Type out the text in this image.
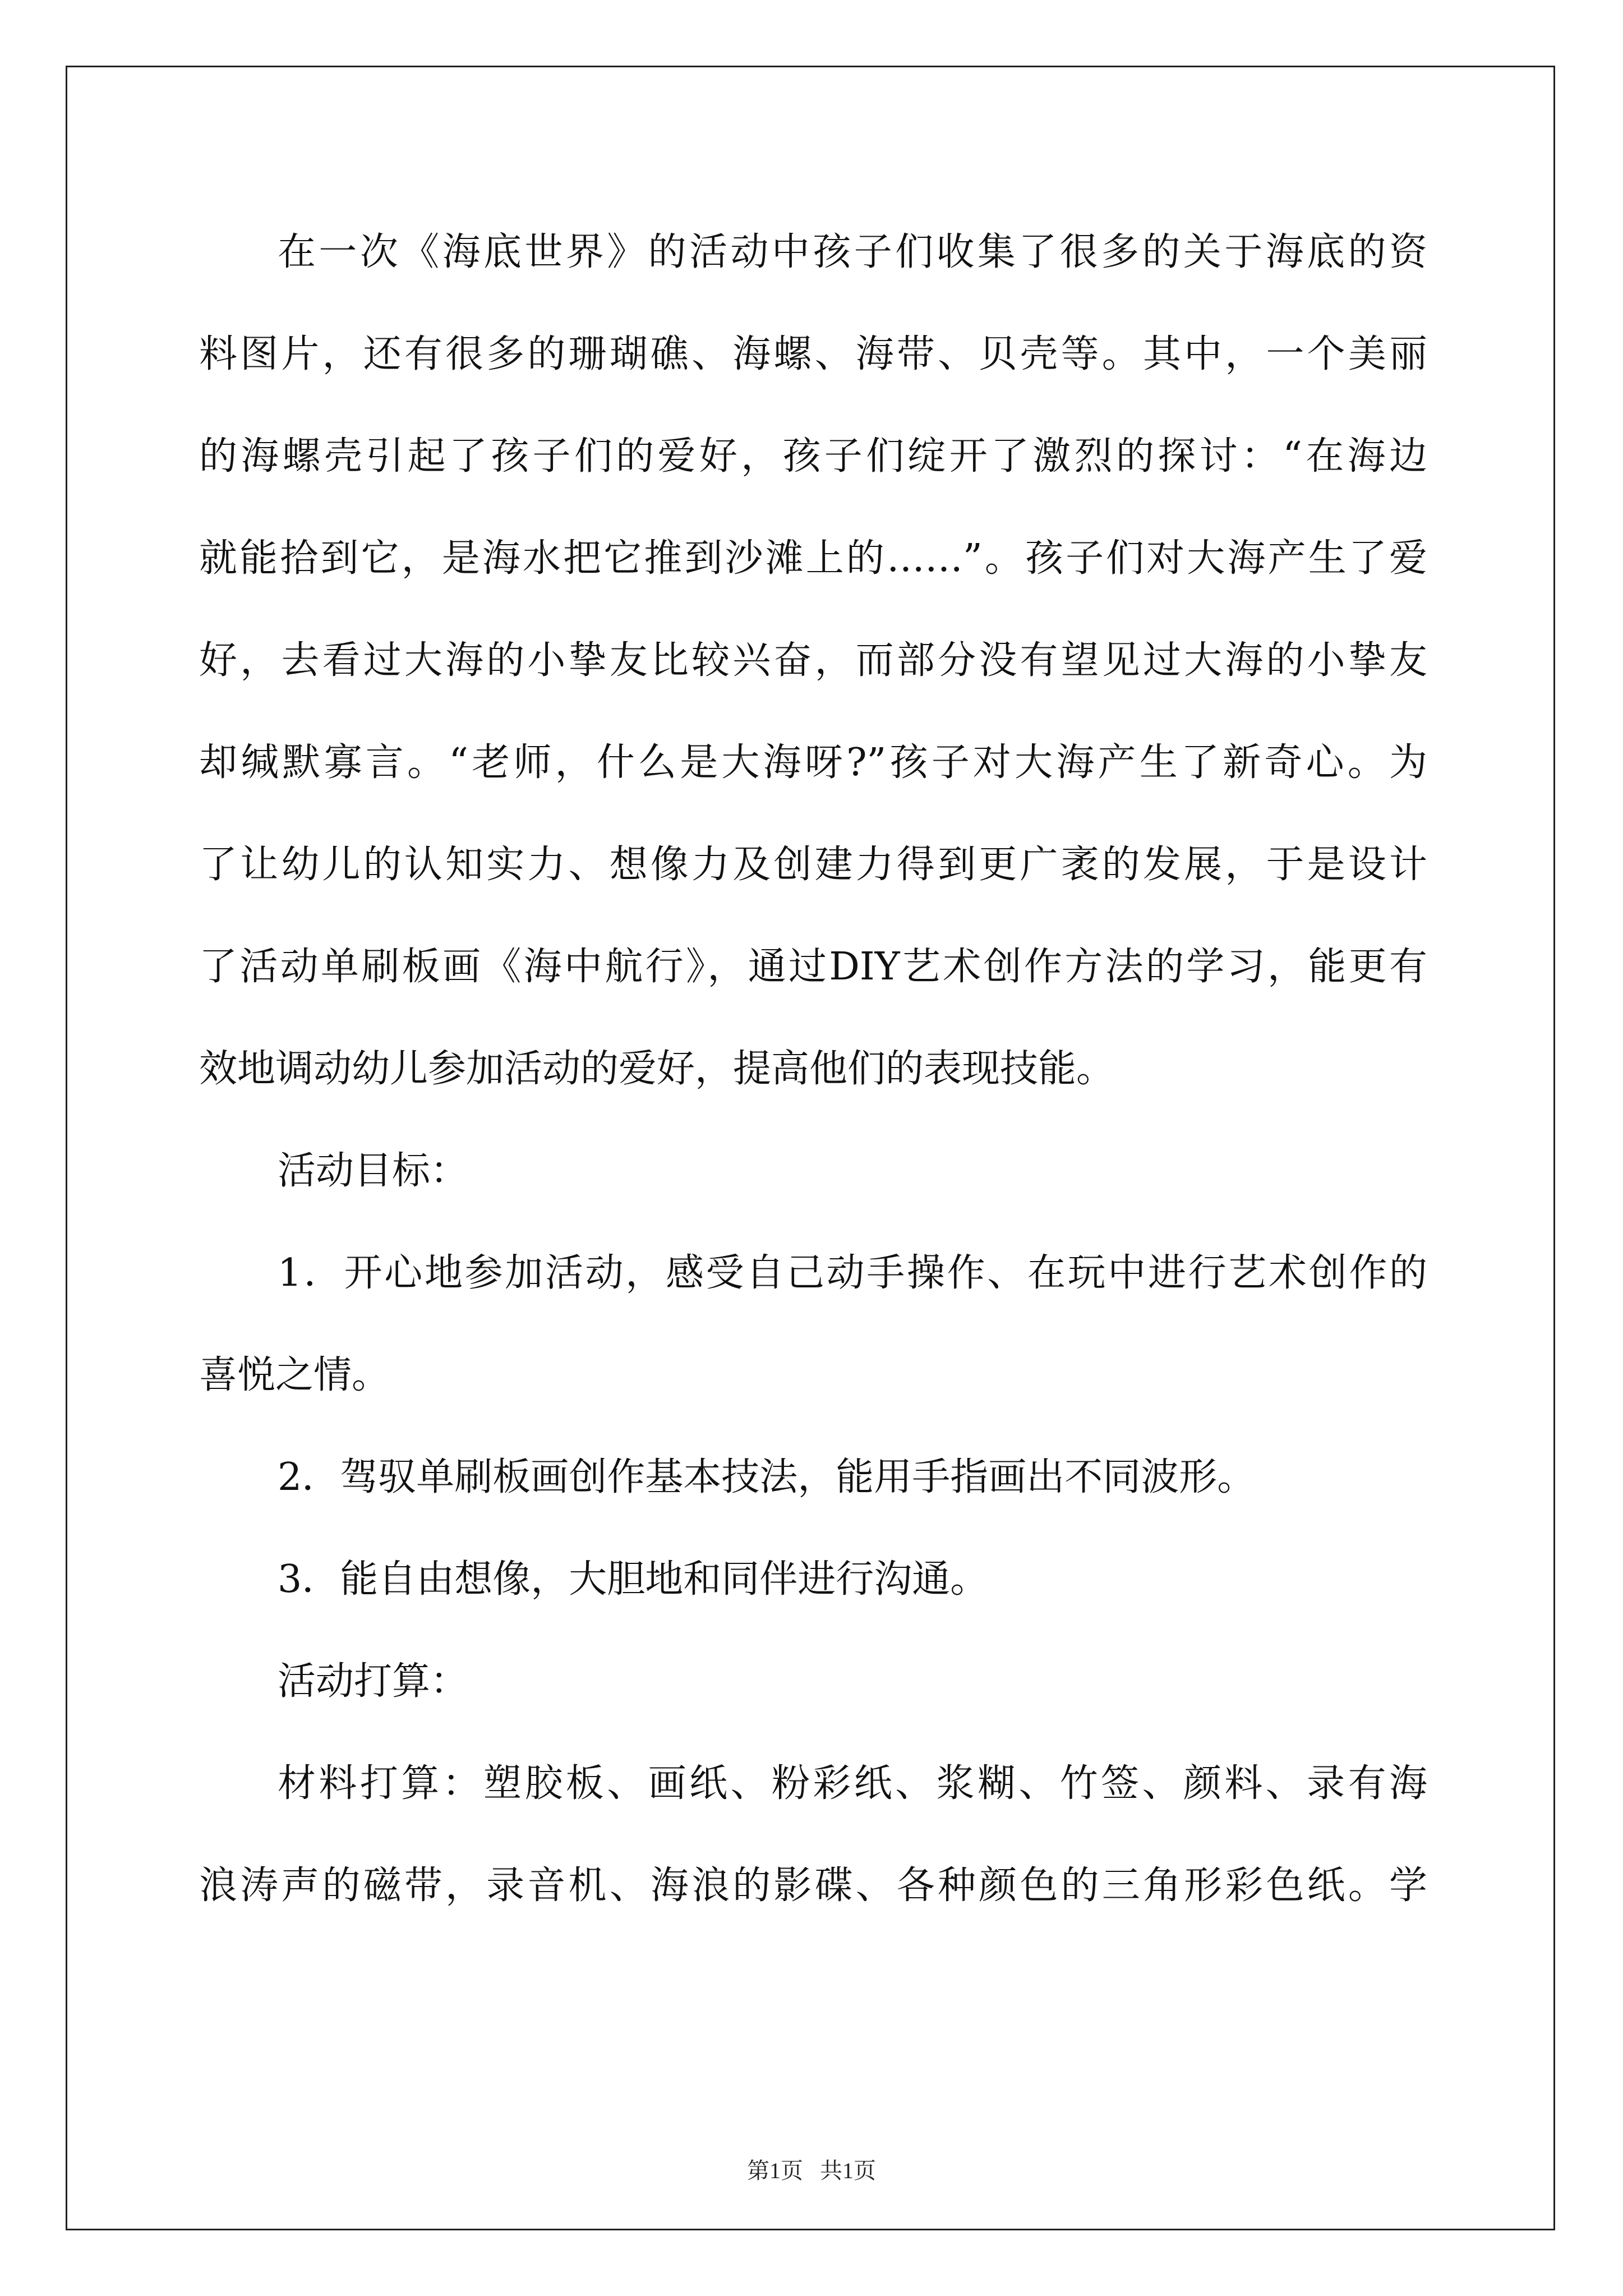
在一次《海底世界》的活动中孩子们收集了很多的关于海底的资
料图片，还有很多的珊瑚礁、海螺、海带、贝壳等。其中，一个美丽
的海螺壳引起了孩子们的爱好，孩子们绽开了激烈的探讨：“在海边
就能拾到它，是海水把它推到沙滩上的……”。孩子们对大海产生了爱
好，去看过大海的小挚友比较兴奋，而部分没有望见过大海的小挚友
却缄默寡言。“老师，什么是大海呀?”孩子对大海产生了新奇心。为
了让幼儿的认知实力、想像力及创建力得到更广袤的发展，于是设计
了活动单刷板画《海中航行》，通过DIY艺术创作方法的学习，能更有
效地调动幼儿参加活动的爱好，提高他们的表现技能。
活动目标：
1．开心地参加活动，感受自己动手操作、在玩中进行艺术创作的
喜悦之情。
2．驾驭单刷板画创作基本技法，能用手指画出不同波形。
3．能自由想像，大胆地和同伴进行沟通。
活动打算：
材料打算：塑胶板、画纸、粉彩纸、浆糊、竹签、颜料、录有海
浪涛声的磁带，录音机、海浪的影碟、各种颜色的三角形彩色纸。学
第1页   共1页
